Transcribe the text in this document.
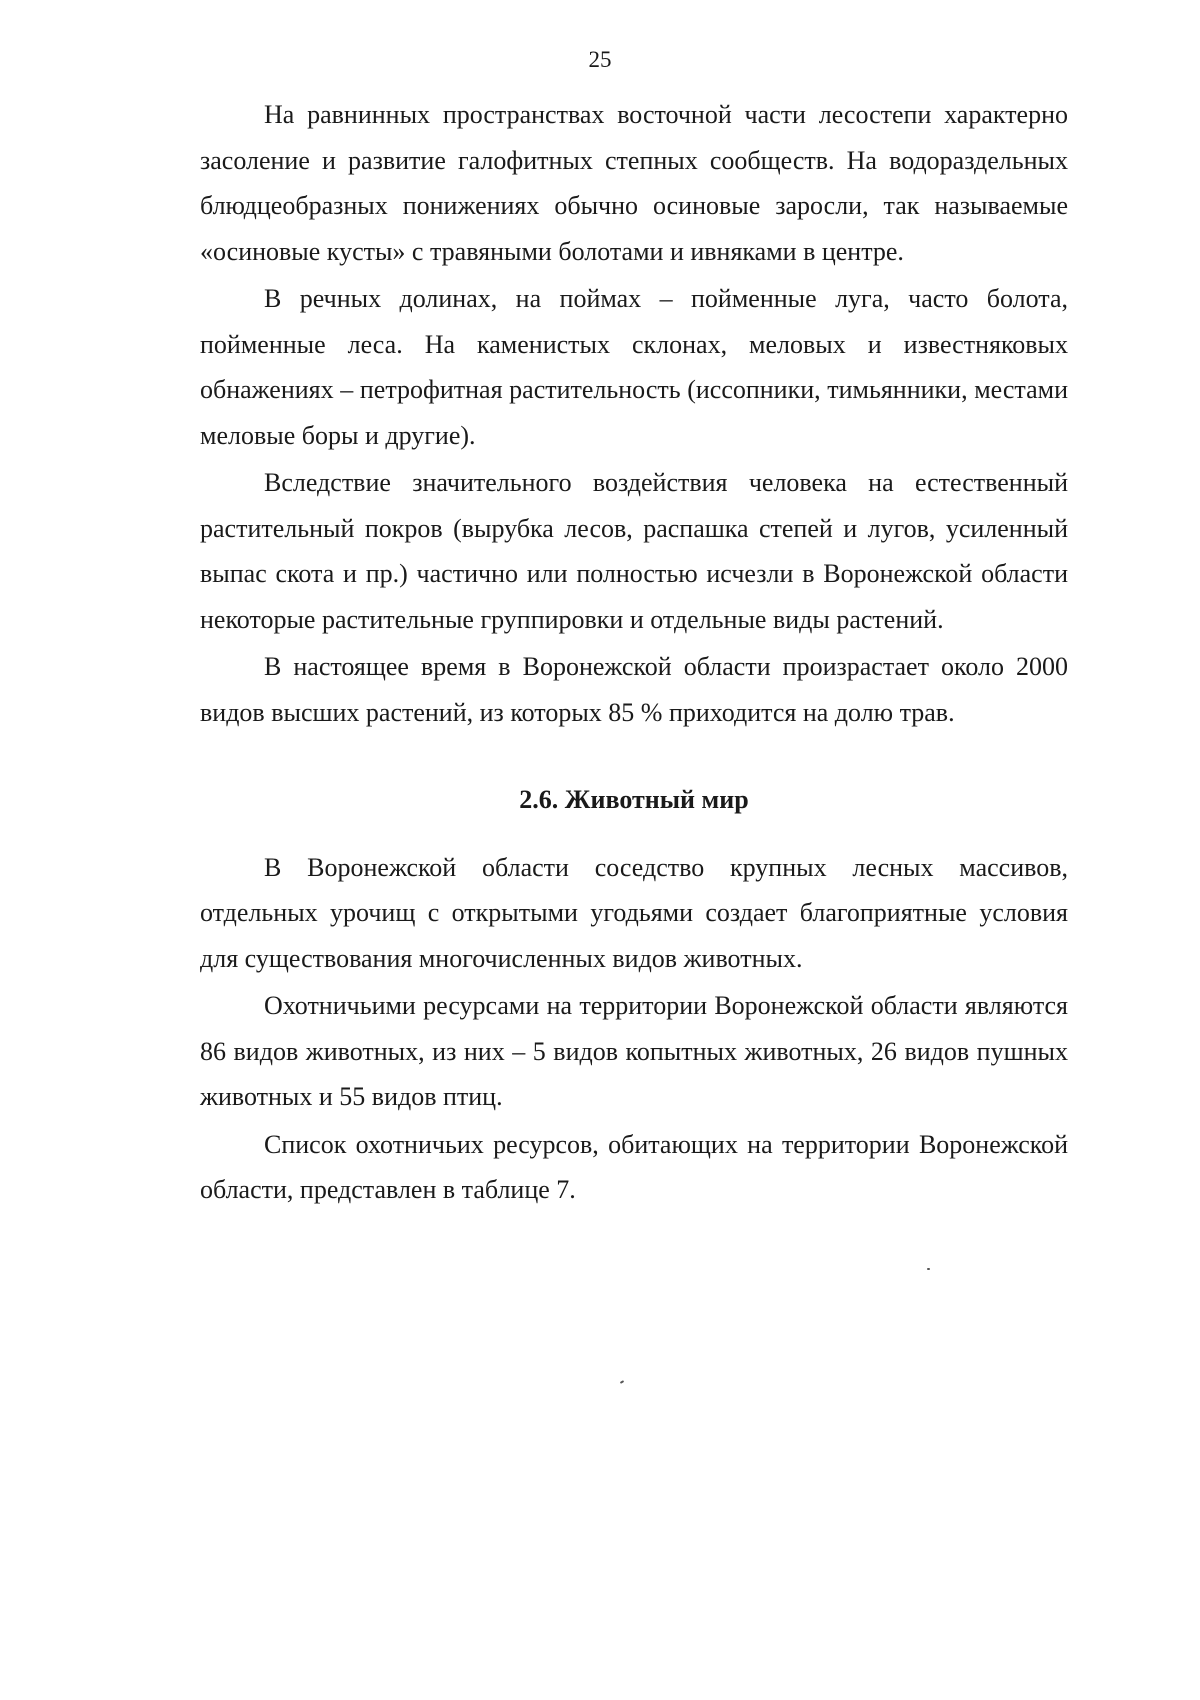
25

На равнинных пространствах восточной части лесостепи характерно засоление и развитие галофитных степных сообществ. На водораздельных блюдцеобразных понижениях обычно осиновые заросли, так называемые «осиновые кусты» с травяными болотами и ивняками в центре.

В речных долинах, на поймах – пойменные луга, часто болота, пойменные леса. На каменистых склонах, меловых и известняковых обнажениях – петрофитная растительность (иссопники, тимьянники, местами меловые боры и другие).

Вследствие значительного воздействия человека на естественный растительный покров (вырубка лесов, распашка степей и лугов, усиленный выпас скота и пр.) частично или полностью исчезли в Воронежской области некоторые растительные группировки и отдельные виды растений.

В настоящее время в Воронежской области произрастает около 2000 видов высших растений, из которых 85 % приходится на долю трав.

2.6. Животный мир

В Воронежской области соседство крупных лесных массивов, отдельных урочищ с открытыми угодьями создает благоприятные условия для существования многочисленных видов животных.

Охотничьими ресурсами на территории Воронежской области являются 86 видов животных, из них – 5 видов копытных животных, 26 видов пушных животных и 55 видов птиц.

Список охотничьих ресурсов, обитающих на территории Воронежской области, представлен в таблице 7.
